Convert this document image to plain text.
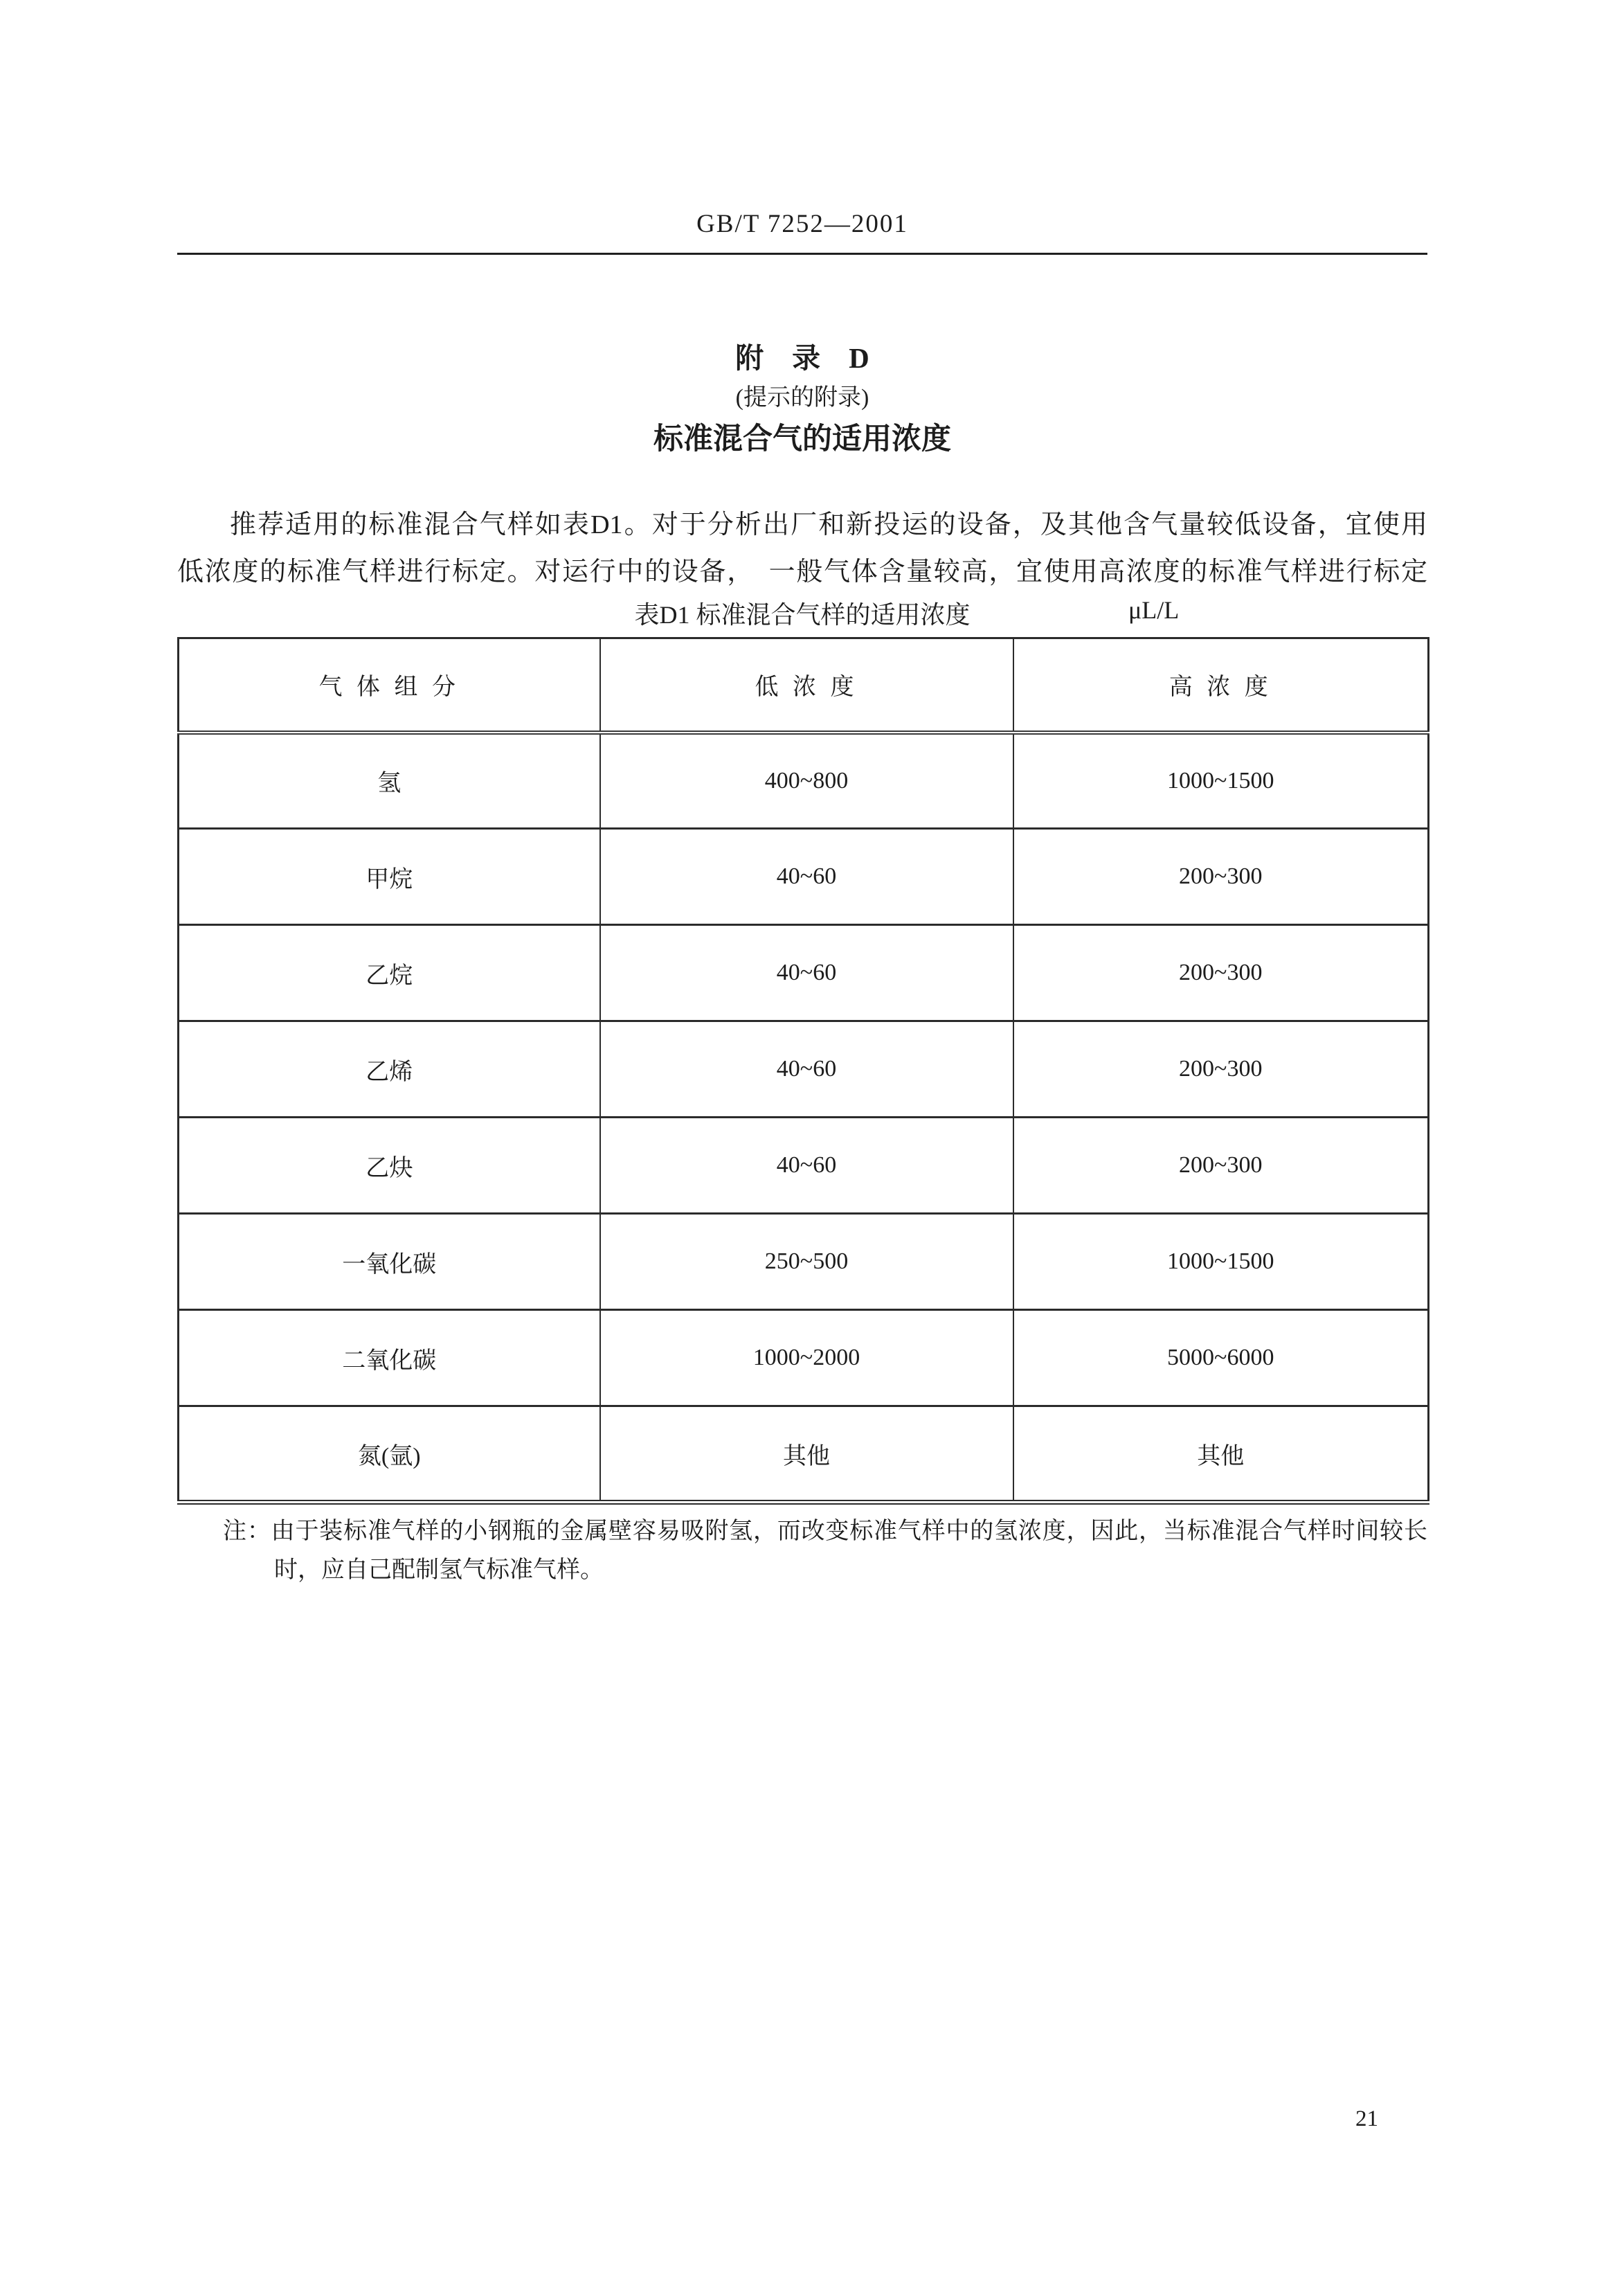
GB/T 7252—2001
附　录　D
(提示的附录)
标准混合气的适用浓度
推荐适用的标准混合气样如表D1。对于分析出厂和新投运的设备，及其他含气量较低设备，宜使用
低浓度的标准气样进行标定。对运行中的设备，　一般气体含量较高，宜使用高浓度的标准气样进行标定
表D1 标准混合气样的适用浓度	μL/L
气 体 组 分	低 浓 度	高 浓 度
氢	400~800	1000~1500
甲烷	40~60	200~300
乙烷	40~60	200~300
乙烯	40~60	200~300
乙炔	40~60	200~300
一氧化碳	250~500	1000~1500
二氧化碳	1000~2000	5000~6000
氮(氩)	其他	其他
注：由于装标准气样的小钢瓶的金属壁容易吸附氢，而改变标准气样中的氢浓度，因此，当标准混合气样时间较长
时，应自己配制氢气标准气样。
21
